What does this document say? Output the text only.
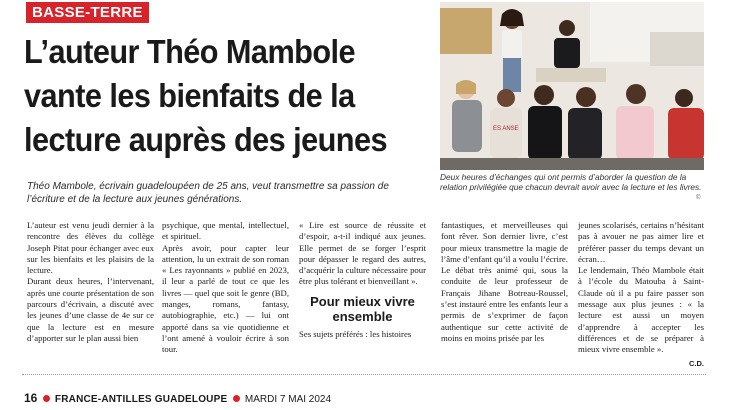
BASSE-TERRE
L’auteur Théo Mambole vante les bienfaits de la lecture auprès des jeunes	ES ANSE
Deux heures d’échanges qui ont permis d’aborder la question de la relation privilégiée que chacun devrait avoir avec la lecture et les livres.
©
Théo Mambole, écrivain guadeloupéen de 25 ans, veut transmettre sa passion de l’écriture et de la lecture aux jeunes générations.

L’auteur est venu jeudi dernier à la rencontre des élèves du collège Joseph Pitat pour échanger avec eux sur les bienfaits et les plaisirs de la lecture.

Durant deux heures, l’intervenant, après une courte présentation de son parcours d’écrivain, a discuté avec les jeunes d’une classe de 4e sur ce que la lecture est en mesure d’apporter sur le plan aussi bien

psychique, que mental, intellectuel, et spirituel.

Après avoir, pour capter leur attention, lu un extrait de son roman « Les rayonnants » publié en 2023, il leur a parlé de tout ce que les livres — quel que soit le genre (BD, manges, romans, fantasy, autobiographie, etc.) — lui ont apporté dans sa vie quotidienne et l’ont amené à vouloir écrire à son tour.

« Lire est source de réussite et d’espoir, a-t-il indiqué aux jeunes. Elle permet de se forger l’esprit pour dépasser le regard des autres, d’acquérir la culture nécessaire pour être plus tolérant et bienveillant ».

Pour mieux vivre ensemble

Ses sujets préférés : les histoires

fantastiques, et merveilleuses qui font rêver. Son dernier livre, c’est pour mieux transmettre la magie de l’âme d’enfant qu’il a voulu l’écrire.

Le débat très animé qui, sous la conduite de leur professeur de Français Jihane Botreau-Roussel, s’est instauré entre les enfants leur a permis de s’exprimer de façon authentique sur cette activité de moins en moins prisée par les

jeunes scolarisés, certains n’hésitant pas à avouer ne pas aimer lire et préférer passer du temps devant un écran…

Le lendemain, Théo Mambole était à l’école du Matouba à Saint-Claude où il a pu faire passer son message aux plus jeunes : « la lecture est aussi un moyen d’apprendre à accepter les différences et de se préparer à mieux vivre ensemble ».

C.D.
16 FRANCE-ANTILLES GUADELOUPE MARDI 7 MAI 2024
